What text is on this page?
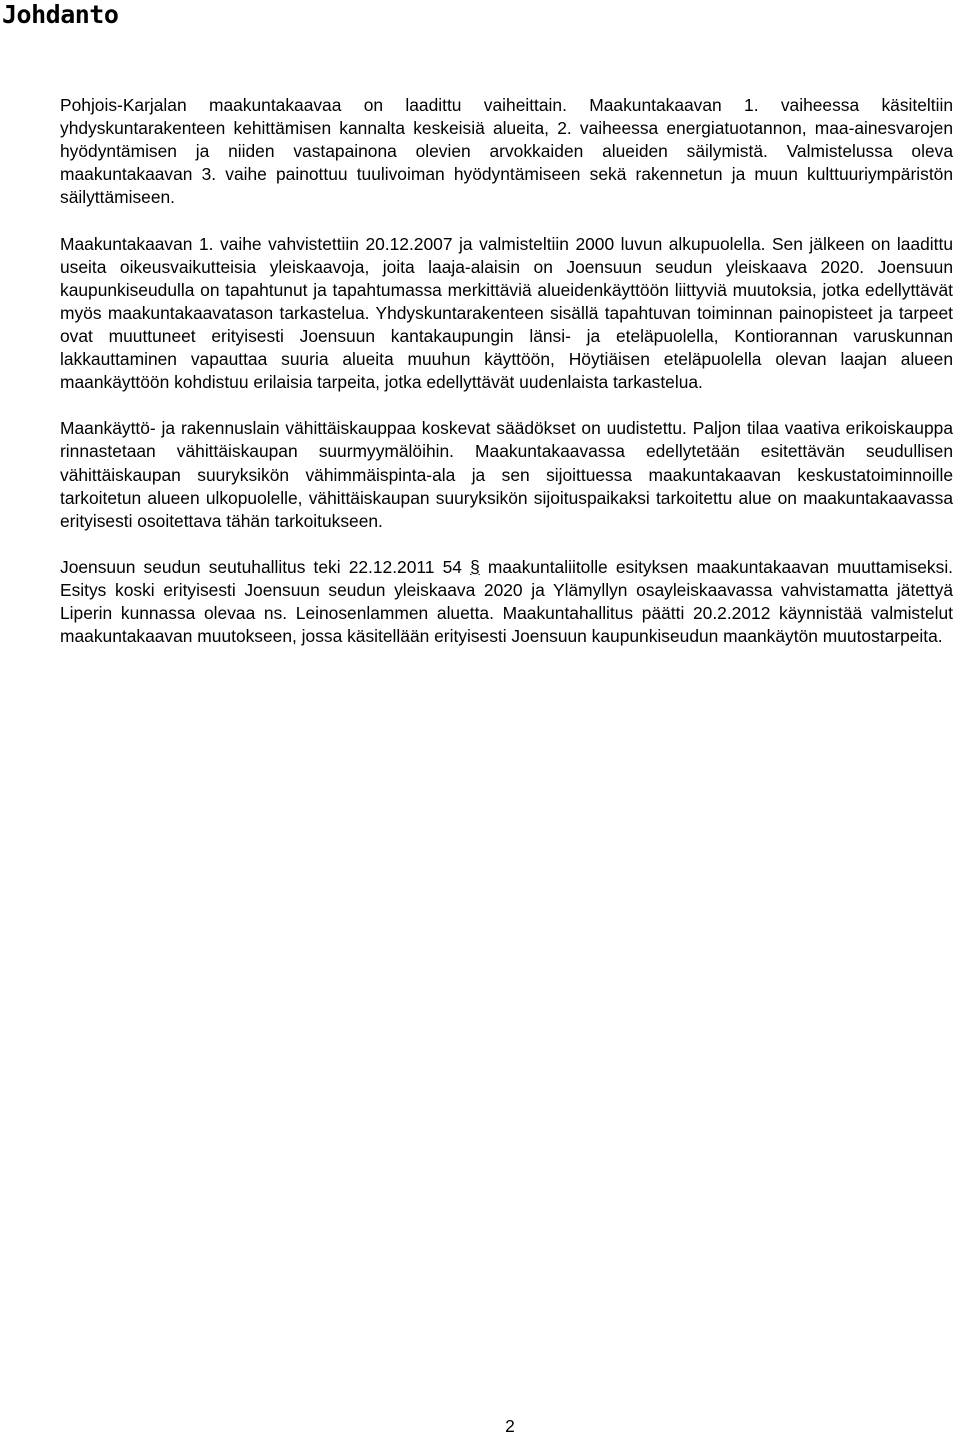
Johdanto

Pohjois-Karjalan maakuntakaavaa on laadittu vaiheittain. Maakuntakaavan 1. vaiheessa käsiteltiin yhdyskuntarakenteen kehittämisen kannalta keskeisiä alueita, 2. vaiheessa energiatuotannon, maa-ainesvarojen hyödyntämisen ja niiden vastapainona olevien arvokkaiden alueiden säilymistä. Valmistelussa oleva maakuntakaavan 3. vaihe painottuu tuulivoiman hyödyntämiseen sekä rakennetun ja muun kulttuuriympäristön säilyttämiseen.

Maakuntakaavan 1. vaihe vahvistettiin 20.12.2007 ja valmisteltiin 2000 luvun alkupuolella. Sen jälkeen on laadittu useita oikeusvaikutteisia yleiskaavoja, joita laaja-alaisin on Joensuun seudun yleiskaava 2020. Joensuun kaupunkiseudulla on tapahtunut ja tapahtumassa merkittäviä alueidenkäyttöön liittyviä muutoksia, jotka edellyttävät myös maakuntakaavatason tarkastelua. Yhdyskuntarakenteen sisällä tapahtuvan toiminnan painopisteet ja tarpeet ovat muuttuneet erityisesti Joensuun kantakaupungin länsi- ja eteläpuolella, Kontiorannan varuskunnan lakkauttaminen vapauttaa suuria alueita muuhun käyttöön, Höytiäisen eteläpuolella olevan laajan alueen maankäyttöön kohdistuu erilaisia tarpeita, jotka edellyttävät uudenlaista tarkastelua.

Maankäyttö- ja rakennuslain vähittäiskauppaa koskevat säädökset on uudistettu. Paljon tilaa vaativa erikoiskauppa rinnastetaan vähittäiskaupan suurmyymälöihin. Maakuntakaavassa edellytetään esitettävän seudullisen vähittäiskaupan suuryksikön vähimmäispinta-ala ja sen sijoittuessa maakuntakaavan keskustatoiminnoille tarkoitetun alueen ulkopuolelle, vähittäiskaupan suuryksikön sijoituspaikaksi tarkoitettu alue on maakuntakaavassa erityisesti osoitettava tähän tarkoitukseen.

Joensuun seudun seutuhallitus teki 22.12.2011 54 § maakuntaliitolle esityksen maakuntakaavan muuttamiseksi. Esitys koski erityisesti Joensuun seudun yleiskaava 2020 ja Ylämyllyn osayleiskaavassa vahvistamatta jätettyä Liperin kunnassa olevaa ns. Leinosenlammen aluetta. Maakuntahallitus päätti 20.2.2012 käynnistää valmistelut maakuntakaavan muutokseen, jossa käsitellään erityisesti Joensuun kaupunkiseudun maankäytön muutostarpeita.

2
